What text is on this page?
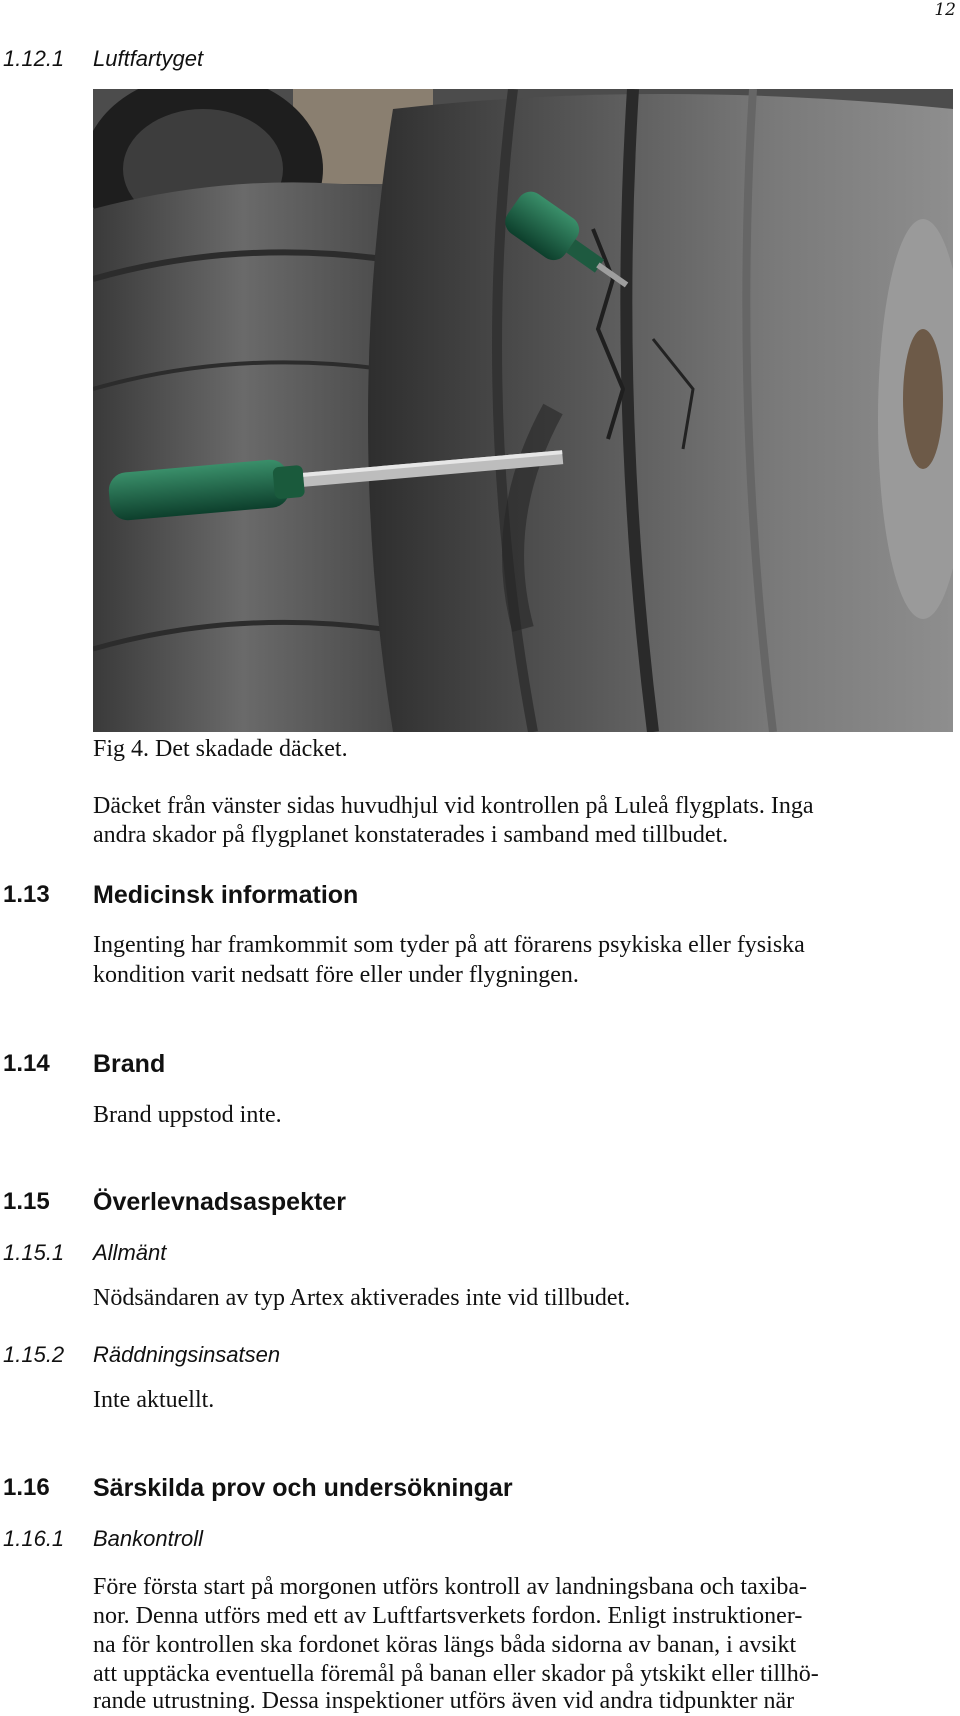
12
1.12.1 Luftfartyget
Fig 4. Det skadade däcket.
Däcket från vänster sidas huvudhjul vid kontrollen på Luleå flygplats. Inga
andra skador på flygplanet konstaterades i samband med tillbudet.
1.13 Medicinsk information
Ingenting har framkommit som tyder på att förarens psykiska eller fysiska
kondition varit nedsatt före eller under flygningen.
1.14 Brand
Brand uppstod inte.
1.15 Överlevnadsaspekter
1.15.1 Allmänt
Nödsändaren av typ Artex aktiverades inte vid tillbudet.
1.15.2 Räddningsinsatsen
Inte aktuellt.
1.16 Särskilda prov och undersökningar
1.16.1 Bankontroll
Före första start på morgonen utförs kontroll av landningsbana och taxiba-
nor. Denna utförs med ett av Luftfartsverkets fordon. Enligt instruktioner-
na för kontrollen ska fordonet köras längs båda sidorna av banan, i avsikt
att upptäcka eventuella föremål på banan eller skador på ytskikt eller tillhö-
rande utrustning. Dessa inspektioner utförs även vid andra tidpunkter när
